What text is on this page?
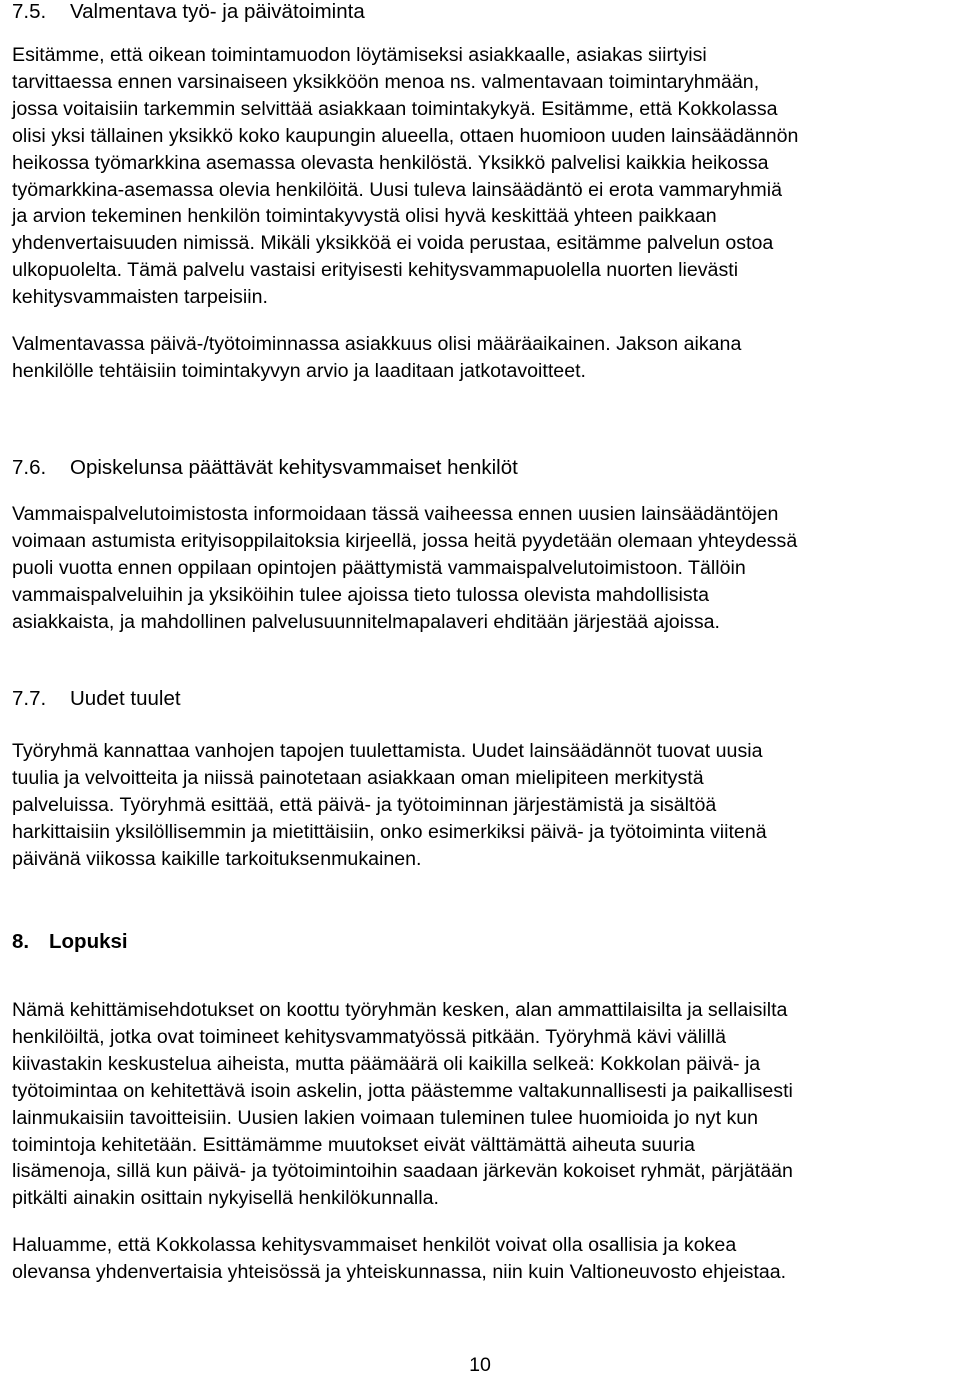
7.5. Valmentava työ- ja päivätoiminta
Esitämme, että oikean toimintamuodon löytämiseksi asiakkaalle, asiakas siirtyisi
tarvittaessa ennen varsinaiseen yksikköön menoa ns. valmentavaan toimintaryhmään,
jossa voitaisiin tarkemmin selvittää asiakkaan toimintakykyä. Esitämme, että Kokkolassa
olisi yksi tällainen yksikkö koko kaupungin alueella, ottaen huomioon uuden lainsäädännön
heikossa työmarkkina asemassa olevasta henkilöstä. Yksikkö palvelisi kaikkia heikossa
työmarkkina-asemassa olevia henkilöitä. Uusi tuleva lainsäädäntö ei erota vammaryhmiä
ja arvion tekeminen henkilön toimintakyvystä olisi hyvä keskittää yhteen paikkaan
yhdenvertaisuuden nimissä. Mikäli yksikköä ei voida perustaa, esitämme palvelun ostoa
ulkopuolelta. Tämä palvelu vastaisi erityisesti kehitysvammapuolella nuorten lievästi
kehitysvammaisten tarpeisiin.
Valmentavassa päivä-/työtoiminnassa asiakkuus olisi määräaikainen. Jakson aikana
henkilölle tehtäisiin toimintakyvyn arvio ja laaditaan jatkotavoitteet.
7.6. Opiskelunsa päättävät kehitysvammaiset henkilöt
Vammaispalvelutoimistosta informoidaan tässä vaiheessa ennen uusien lainsäädäntöjen
voimaan astumista erityisoppilaitoksia kirjeellä, jossa heitä pyydetään olemaan yhteydessä
puoli vuotta ennen oppilaan opintojen päättymistä vammaispalvelutoimistoon. Tällöin
vammaispalveluihin ja yksiköihin tulee ajoissa tieto tulossa olevista mahdollisista
asiakkaista, ja mahdollinen palvelusuunnitelmapalaveri ehditään järjestää ajoissa.
7.7. Uudet tuulet
Työryhmä kannattaa vanhojen tapojen tuulettamista. Uudet lainsäädännöt tuovat uusia
tuulia ja velvoitteita ja niissä painotetaan asiakkaan oman mielipiteen merkitystä
palveluissa. Työryhmä esittää, että päivä- ja työtoiminnan järjestämistä ja sisältöä
harkittaisiin yksilöllisemmin ja mietittäisiin, onko esimerkiksi päivä- ja työtoiminta viitenä
päivänä viikossa kaikille tarkoituksenmukainen.
8. Lopuksi
Nämä kehittämisehdotukset on koottu työryhmän kesken, alan ammattilaisilta ja sellaisilta
henkilöiltä, jotka ovat toimineet kehitysvammatyössä pitkään. Työryhmä kävi välillä
kiivastakin keskustelua aiheista, mutta päämäärä oli kaikilla selkeä: Kokkolan päivä- ja
työtoimintaa on kehitettävä isoin askelin, jotta päästemme valtakunnallisesti ja paikallisesti
lainmukaisiin tavoitteisiin. Uusien lakien voimaan tuleminen tulee huomioida jo nyt kun
toimintoja kehitetään. Esittämämme muutokset eivät välttämättä aiheuta suuria
lisämenoja, sillä kun päivä- ja työtoimintoihin saadaan järkevän kokoiset ryhmät, pärjätään
pitkälti ainakin osittain nykyisellä henkilökunnalla.
Haluamme, että Kokkolassa kehitysvammaiset henkilöt voivat olla osallisia ja kokea
olevansa yhdenvertaisia yhteisössä ja yhteiskunnassa, niin kuin Valtioneuvosto ehjeistaa.
10
